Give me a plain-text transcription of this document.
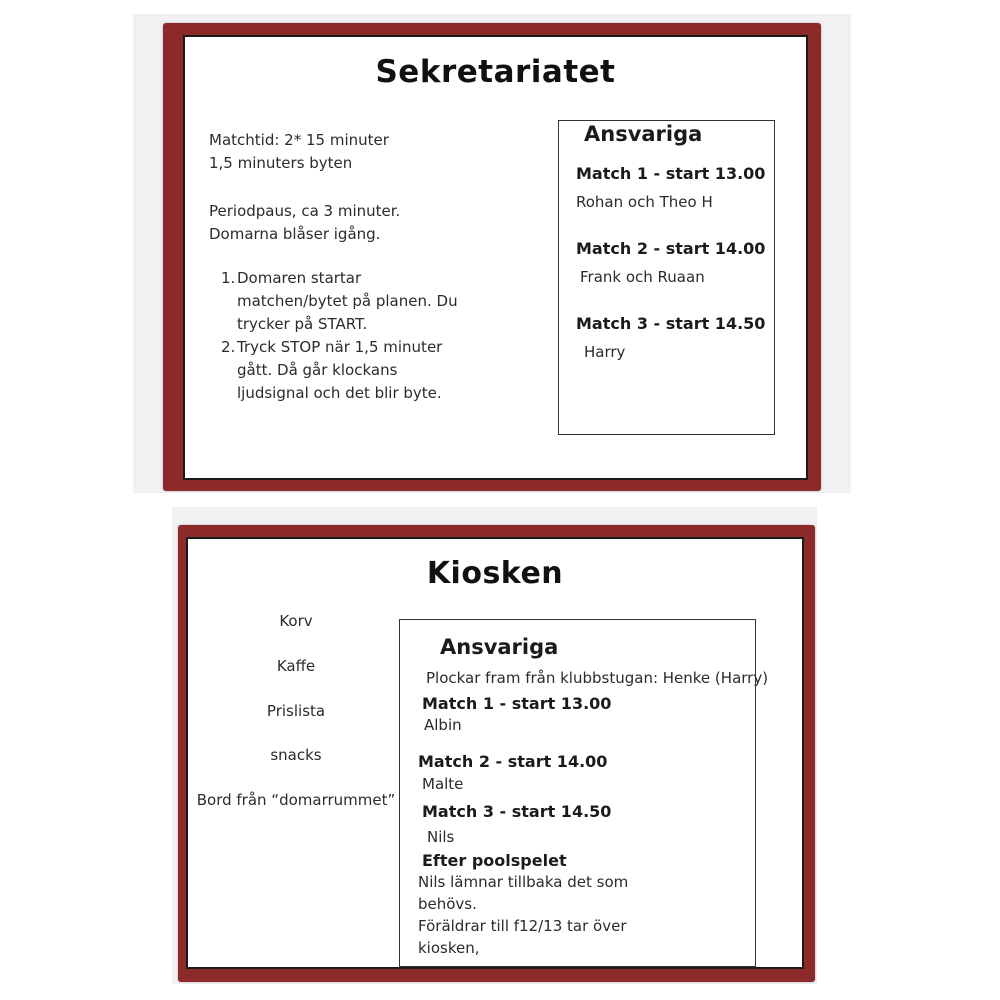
Sekretariatet
Matchtid: 2* 15 minuter
1,5 minuters byten
Periodpaus, ca 3 minuter.
Domarna blåser igång.
1. Domaren startar
matchen/bytet på planen. Du
trycker på START.
2. Tryck STOP när 1,5 minuter
gått. Då går klockans
ljudsignal och det blir byte.
Ansvariga
Match 1 - start 13.00
Rohan och Theo H
Match 2 - start 14.00
Frank och Ruaan
Match 3 - start 14.50
Harry
Kiosken
Korv
Kaffe
Prislista
snacks
Bord från “domarrummet”
Ansvariga
Plockar fram från klubbstugan: Henke (Harry)
Match 1 - start 13.00
Albin
Match 2 - start 14.00
Malte
Match 3 - start 14.50
Nils
Efter poolspelet
Nils lämnar tillbaka det som
behövs.
Föräldrar till f12/13 tar över
kiosken,
